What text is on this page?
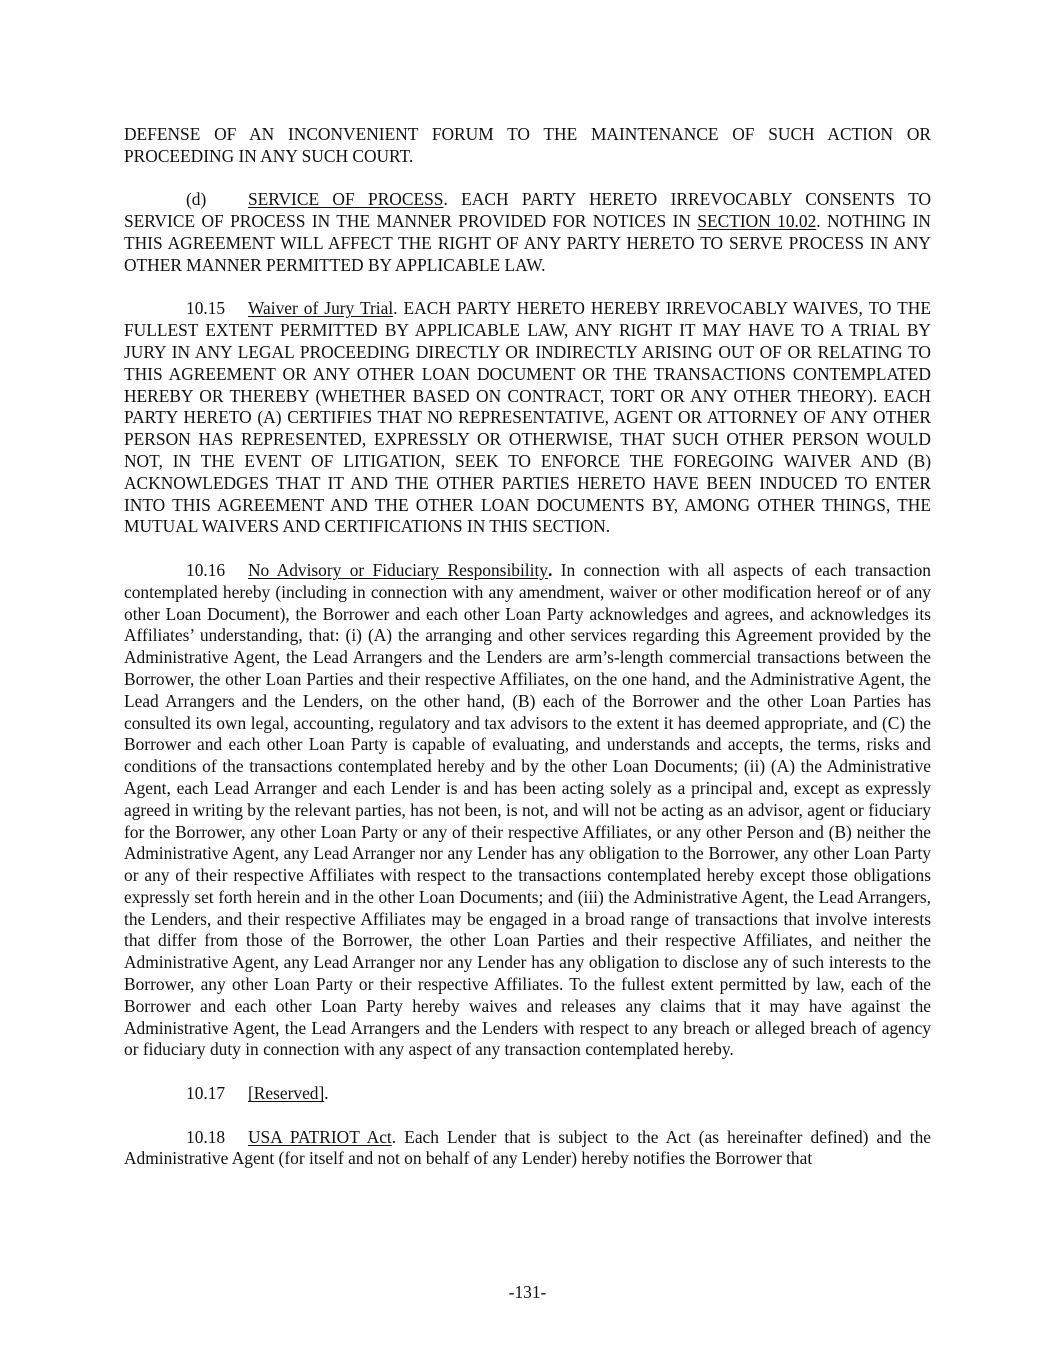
DEFENSE OF AN INCONVENIENT FORUM TO THE MAINTENANCE OF SUCH ACTION OR PROCEEDING IN ANY SUCH COURT.

(d) SERVICE OF PROCESS. EACH PARTY HERETO IRREVOCABLY CONSENTS TO SERVICE OF PROCESS IN THE MANNER PROVIDED FOR NOTICES IN SECTION 10.02. NOTHING IN THIS AGREEMENT WILL AFFECT THE RIGHT OF ANY PARTY HERETO TO SERVE PROCESS IN ANY OTHER MANNER PERMITTED BY APPLICABLE LAW.

10.15 Waiver of Jury Trial. EACH PARTY HERETO HEREBY IRREVOCABLY WAIVES, TO THE FULLEST EXTENT PERMITTED BY APPLICABLE LAW, ANY RIGHT IT MAY HAVE TO A TRIAL BY JURY IN ANY LEGAL PROCEEDING DIRECTLY OR INDIRECTLY ARISING OUT OF OR RELATING TO THIS AGREEMENT OR ANY OTHER LOAN DOCUMENT OR THE TRANSACTIONS CONTEMPLATED HEREBY OR THEREBY (WHETHER BASED ON CONTRACT, TORT OR ANY OTHER THEORY). EACH PARTY HERETO (A) CERTIFIES THAT NO REPRESENTATIVE, AGENT OR ATTORNEY OF ANY OTHER PERSON HAS REPRESENTED, EXPRESSLY OR OTHERWISE, THAT SUCH OTHER PERSON WOULD NOT, IN THE EVENT OF LITIGATION, SEEK TO ENFORCE THE FOREGOING WAIVER AND (B) ACKNOWLEDGES THAT IT AND THE OTHER PARTIES HERETO HAVE BEEN INDUCED TO ENTER INTO THIS AGREEMENT AND THE OTHER LOAN DOCUMENTS BY, AMONG OTHER THINGS, THE MUTUAL WAIVERS AND CERTIFICATIONS IN THIS SECTION.

10.16 No Advisory or Fiduciary Responsibility. In connection with all aspects of each transaction contemplated hereby (including in connection with any amendment, waiver or other modification hereof or of any other Loan Document), the Borrower and each other Loan Party acknowledges and agrees, and acknowledges its Affiliates’ understanding, that: (i) (A) the arranging and other services regarding this Agreement provided by the Administrative Agent, the Lead Arrangers and the Lenders are arm’s-length commercial transactions between the Borrower, the other Loan Parties and their respective Affiliates, on the one hand, and the Administrative Agent, the Lead Arrangers and the Lenders, on the other hand, (B) each of the Borrower and the other Loan Parties has consulted its own legal, accounting, regulatory and tax advisors to the extent it has deemed appropriate, and (C) the Borrower and each other Loan Party is capable of evaluating, and understands and accepts, the terms, risks and conditions of the transactions contemplated hereby and by the other Loan Documents; (ii) (A) the Administrative Agent, each Lead Arranger and each Lender is and has been acting solely as a principal and, except as expressly agreed in writing by the relevant parties, has not been, is not, and will not be acting as an advisor, agent or fiduciary for the Borrower, any other Loan Party or any of their respective Affiliates, or any other Person and (B) neither the Administrative Agent, any Lead Arranger nor any Lender has any obligation to the Borrower, any other Loan Party or any of their respective Affiliates with respect to the transactions contemplated hereby except those obligations expressly set forth herein and in the other Loan Documents; and (iii) the Administrative Agent, the Lead Arrangers, the Lenders, and their respective Affiliates may be engaged in a broad range of transactions that involve interests that differ from those of the Borrower, the other Loan Parties and their respective Affiliates, and neither the Administrative Agent, any Lead Arranger nor any Lender has any obligation to disclose any of such interests to the Borrower, any other Loan Party or their respective Affiliates. To the fullest extent permitted by law, each of the Borrower and each other Loan Party hereby waives and releases any claims that it may have against the Administrative Agent, the Lead Arrangers and the Lenders with respect to any breach or alleged breach of agency or fiduciary duty in connection with any aspect of any transaction contemplated hereby.

10.17 [Reserved].

10.18 USA PATRIOT Act. Each Lender that is subject to the Act (as hereinafter defined) and the Administrative Agent (for itself and not on behalf of any Lender) hereby notifies the Borrower that

-131-
